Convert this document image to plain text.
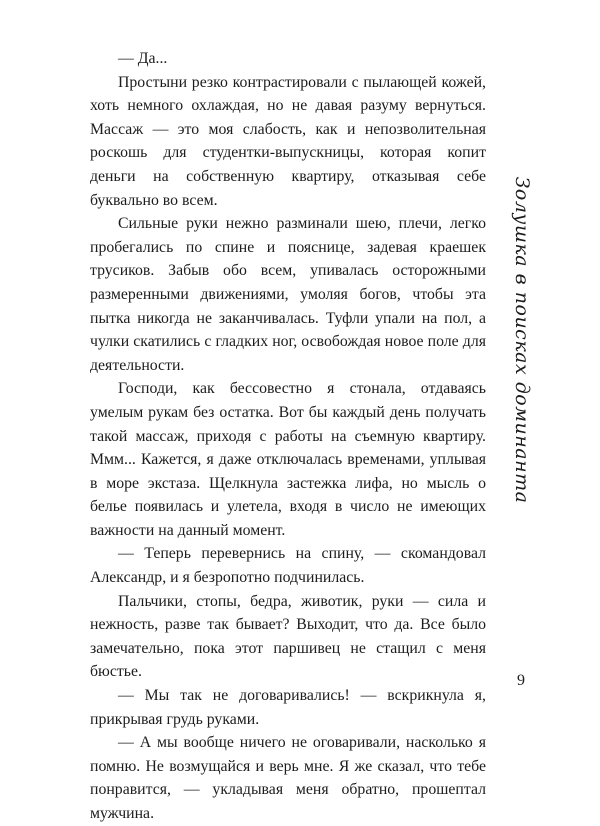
— Да...

Простыни резко контрастировали с пылающей кожей, хоть немного охлаждая, но не давая разуму вернуться. Массаж — это моя слабость, как и непозволительная роскошь для студентки-выпускницы, которая копит деньги на собственную квартиру, отказывая себе буквально во всем.

Сильные руки нежно разминали шею, плечи, легко пробегались по спине и пояснице, задевая краешек трусиков. Забыв обо всем, упивалась осторожными размеренными движениями, умоляя богов, чтобы эта пытка никогда не заканчивалась. Туфли упали на пол, а чулки скатились с гладких ног, освобождая новое поле для деятельности.

Господи, как бессовестно я стонала, отдаваясь умелым рукам без остатка. Вот бы каждый день получать такой массаж, приходя с работы на съемную квартиру. Ммм... Кажется, я даже отключалась временами, уплывая в море экстаза. Щелкнула застежка лифа, но мысль о белье появилась и улетела, входя в число не имеющих важности на данный момент.

— Теперь перевернись на спину, — скомандовал Александр, и я безропотно подчинилась.

Пальчики, стопы, бедра, животик, руки — сила и нежность, разве так бывает? Выходит, что да. Все было замечательно, пока этот паршивец не стащил с меня бюстье.

— Мы так не договаривались! — вскрикнула я, прикрывая грудь руками.

— А мы вообще ничего не оговаривали, насколько я помню. Не возмущайся и верь мне. Я же сказал, что тебе понравится, — укладывая меня обратно, прошептал мужчина.

Золушка в поисках доминанта
9
